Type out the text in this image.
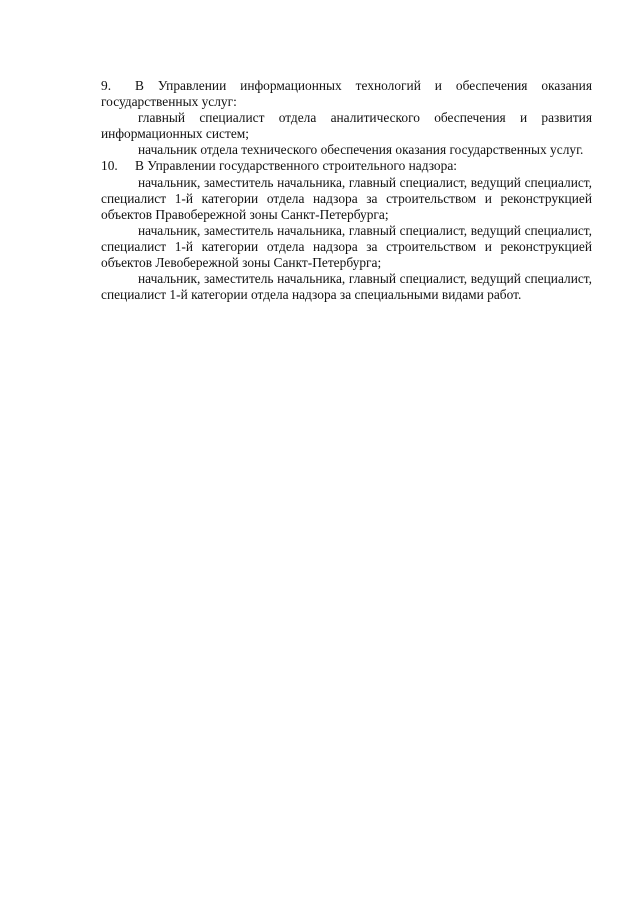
9. В Управлении информационных технологий и обеспечения оказания государственных услуг:

главный специалист отдела аналитического обеспечения и развития информационных систем;

начальник отдела технического обеспечения оказания государственных услуг.

10. В Управлении государственного строительного надзора:

начальник, заместитель начальника, главный специалист, ведущий специалист, специалист 1-й категории отдела надзора за строительством и реконструкцией объектов Правобережной зоны Санкт-Петербурга;

начальник, заместитель начальника, главный специалист, ведущий специалист, специалист 1-й категории отдела надзора за строительством и реконструкцией объектов Левобережной зоны Санкт-Петербурга;

начальник, заместитель начальника, главный специалист, ведущий специалист, специалист 1-й категории отдела надзора за специальными видами работ.
